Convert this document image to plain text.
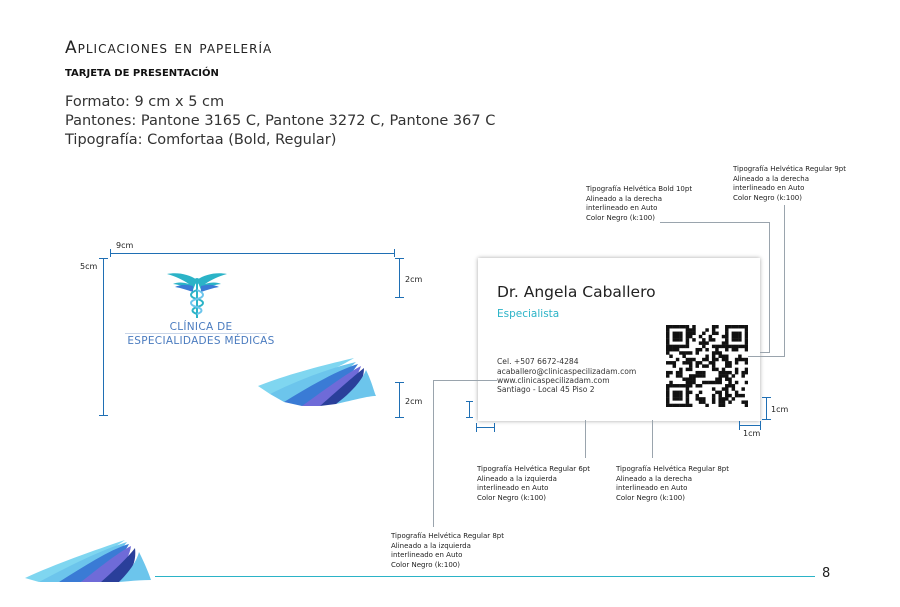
Aplicaciones en papelería
TARJETA DE PRESENTACIÓN
Formato: 9 cm x 5 cm
Pantones: Pantone 3165 C, Pantone 3272 C, Pantone 367 C
Tipografía: Comfortaa (Bold, Regular)
9cm
5cm
2cm
2cm
CLÍNICA DE
ESPECIALIDADES MÉDICAS
Dr. Angela Caballero
Especialista
Cel. +507 6672-4284
acaballero@clinicaspecilizadam.com
www.clinicaspecilizadam.com
Santiago - Local 45 Piso 2
1cm
1cm
Tipografía Helvética Bold 10pt
Alineado a la derecha
interlineado en Auto
Color Negro (k:100)
Tipografía Helvética Regular 9pt
Alineado a la derecha
interlineado en Auto
Color Negro (k:100)
Tipografía Helvética Regular 6pt
Alineado a la izquierda
interlineado en Auto
Color Negro (k:100)
Tipografía Helvética Regular 8pt
Alineado a la derecha
interlineado en Auto
Color Negro (k:100)
Tipografía Helvética Regular 8pt
Alineado a la izquierda
interlineado en Auto
Color Negro (k:100)
8
